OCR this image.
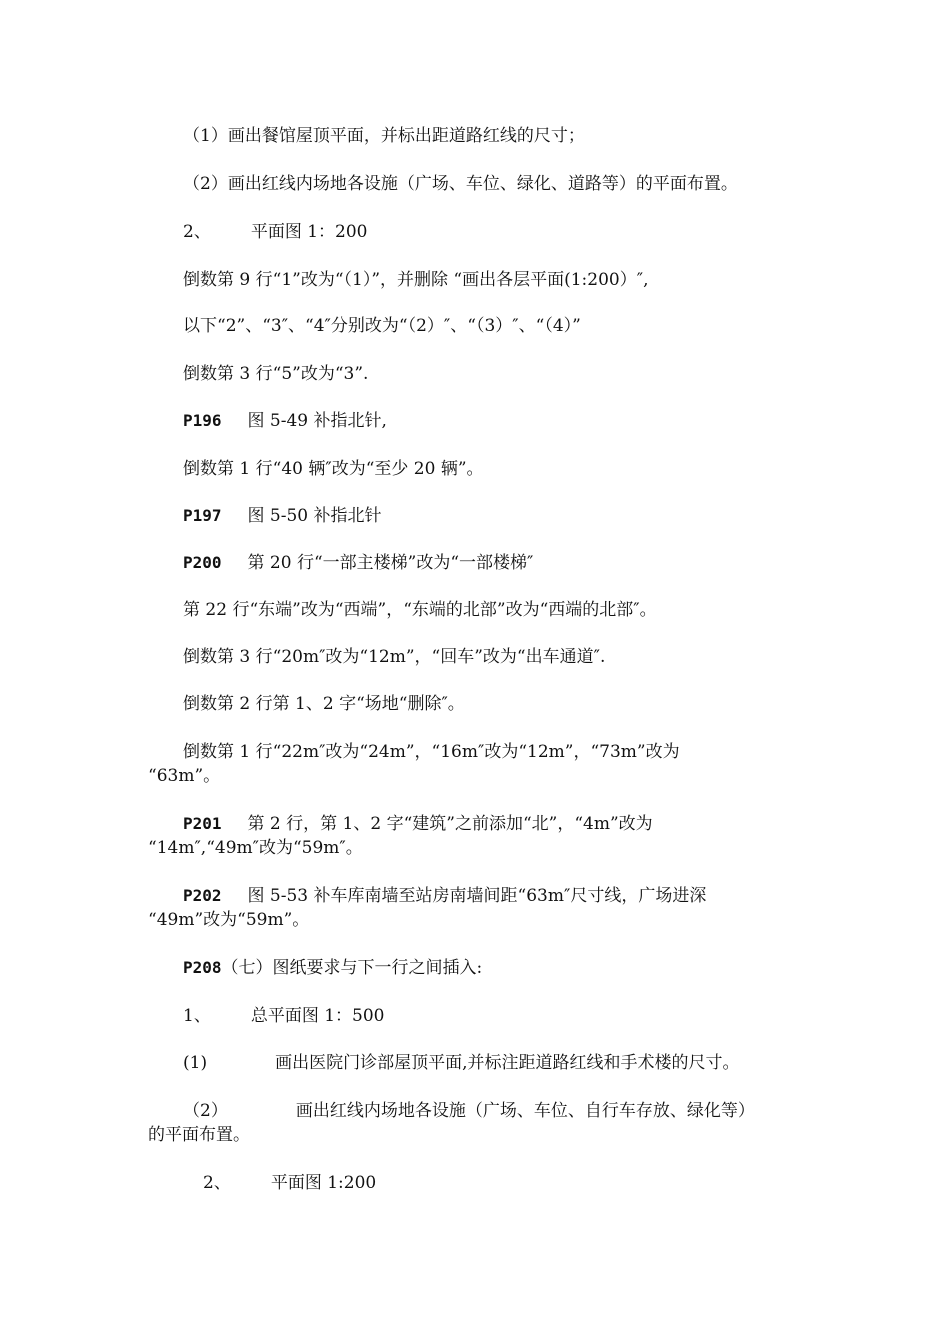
（1）画出餐馆屋顶平面，并标出距道路红线的尺寸；
（2）画出红线内场地各设施（广场、车位、绿化、道路等）的平面布置。
2、 平面图 1：200
倒数第 9 行“1”改为“（1）”，并删除 “画出各层平面(1:200）″,
以下“2”、“3″、“4″分别改为“（2）″、“（3）″、“（4）”
倒数第 3 行“5”改为“3”.
P196 图 5-49 补指北针,
倒数第 1 行“40 辆″改为“至少 20 辆”。
P197 图 5-50 补指北针
P200 第 20 行“一部主楼梯”改为“一部楼梯″
第 22 行“东端”改为“西端”，“东端的北部”改为“西端的北部″。
倒数第 3 行“20m″改为“12m”，“回车”改为“出车通道″.
倒数第 2 行第 1、2 字“场地“删除″。
倒数第 1 行“22m″改为“24m”，“16m″改为“12m”，“73m”改为
“63m”。
P201 第 2 行，第 1、2 字“建筑”之前添加“北”，“4m”改为
“14m″,“49m″改为“59m″。
P202 图 5-53 补车库南墙至站房南墙间距“63m″尺寸线，广场进深
“49m”改为“59m”。
P208（七）图纸要求与下一行之间插入:
1、 总平面图 1：500
(1)	画出医院门诊部屋顶平面,并标注距道路红线和手术楼的尺寸。
（2）	画出红线内场地各设施（广场、车位、自行车存放、绿化等）
的平面布置。
2、 平面图 1:200
